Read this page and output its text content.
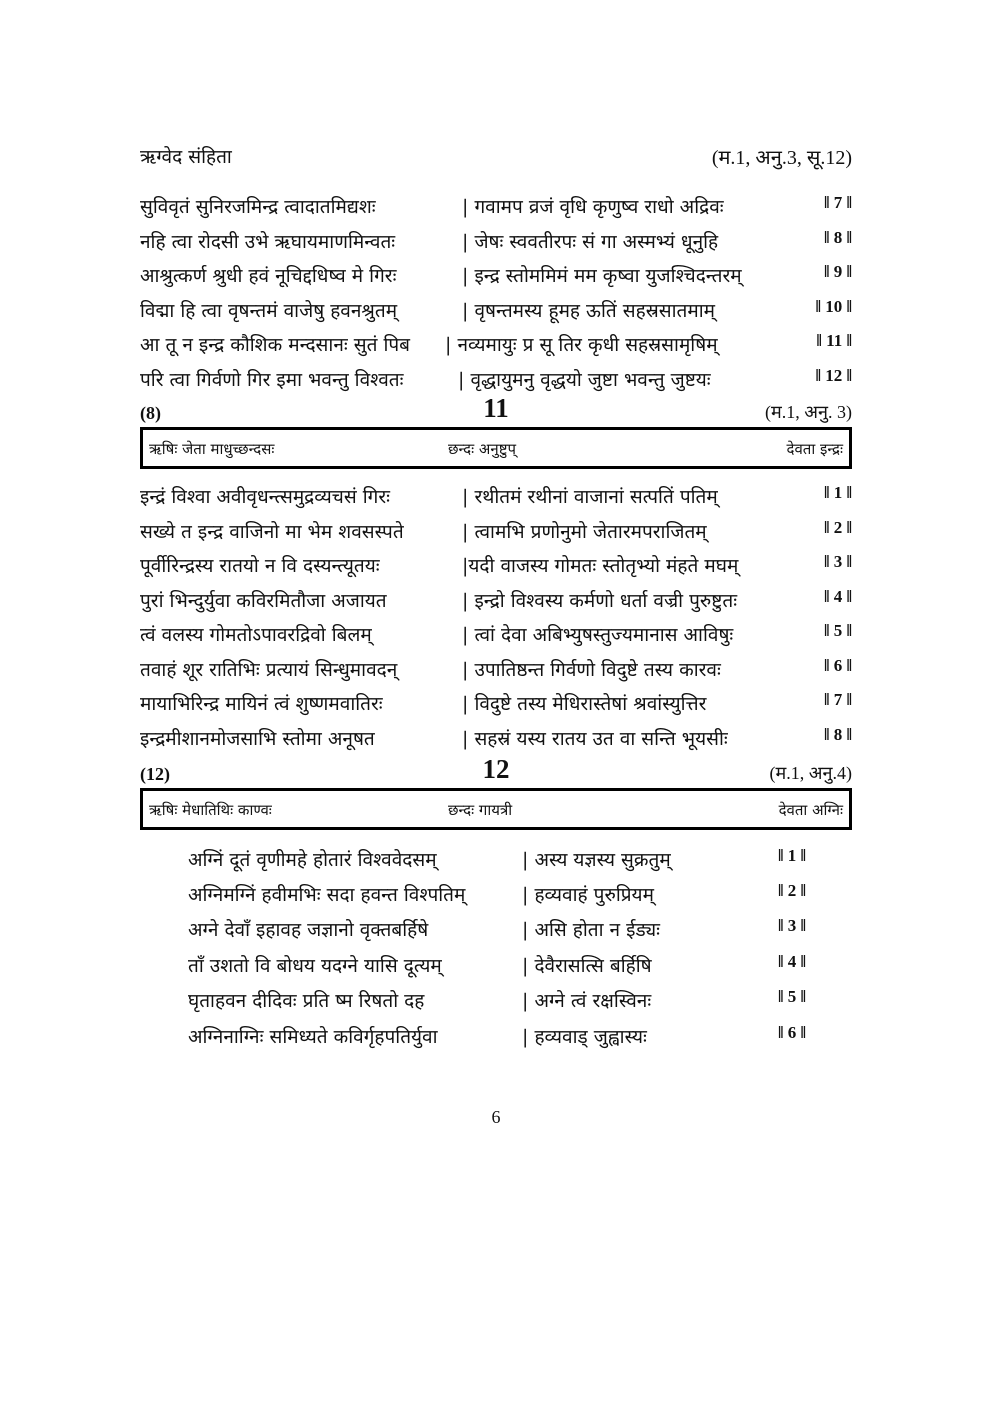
ऋग्वेद संहिता	(म.1, अनु.3, सू.12)
सुविवृतं सुनिरजमिन्द्र त्वादातमिद्यशः	| गवामप व्रजं वृधि कृणुष्व राधो अद्रिवः	‖ 7 ‖
नहि त्वा रोदसी उभे ऋघायमाणमिन्वतः	| जेषः स्ववतीरपः सं गा अस्मभ्यं धूनुहि	‖ 8 ‖
आश्रुत्कर्ण श्रुधी हवं नूचिद्दधिष्व मे गिरः	| इन्द्र स्तोममिमं मम कृष्वा युजश्चिदन्तरम्	‖ 9 ‖
विद्मा हि त्वा वृषन्तमं वाजेषु हवनश्रुतम्	| वृषन्तमस्य हूमह ऊतिं सहस्रसातमाम्	‖ 10 ‖
आ तू न इन्द्र कौशिक मन्दसानः सुतं पिब | नव्यमायुः प्र सू तिर कृधी सहस्रसामृषिम्	‖ 11 ‖
परि त्वा गिर्वणो गिर इमा भवन्तु विश्वतः	| वृद्धायुमनु वृद्धयो जुष्टा भवन्तु जुष्टयः	‖ 12 ‖
(8)	11	(म.1, अनु. 3)
ऋषिः जेता माधुच्छन्दसः	छन्दः अनुष्टुप्	देवता इन्द्रः
इन्द्रं विश्वा अवीवृधन्त्समुद्रव्यचसं गिरः	| रथीतमं रथीनां वाजानां सत्पतिं पतिम्	‖ 1 ‖
सख्ये त इन्द्र वाजिनो मा भेम शवसस्पते	| त्वामभि प्रणोनुमो जेतारमपराजितम्	‖ 2 ‖
पूर्वीरिन्द्रस्य रातयो न वि दस्यन्त्यूतयः	|यदी वाजस्य गोमतः स्तोतृभ्यो मंहते मघम्	‖ 3 ‖
पुरां भिन्दुर्युवा कविरमितौजा अजायत	| इन्द्रो विश्वस्य कर्मणो धर्ता वज्री पुरुष्टुतः	‖ 4 ‖
त्वं वलस्य गोमतोऽपावरद्रिवो बिलम्	| त्वां देवा अबिभ्युषस्तुज्यमानास आविषुः	‖ 5 ‖
तवाहं शूर रातिभिः प्रत्यायं सिन्धुमावदन्	| उपातिष्ठन्त गिर्वणो विदुष्टे तस्य कारवः	‖ 6 ‖
मायाभिरिन्द्र मायिनं त्वं शुष्णमवातिरः	| विदुष्टे तस्य मेधिरास्तेषां श्रवांस्युत्तिर	‖ 7 ‖
इन्द्रमीशानमोजसाभि स्तोमा अनूषत	| सहस्रं यस्य रातय उत वा सन्ति भूयसीः	‖ 8 ‖
(12)	12	(म.1, अनु.4)
ऋषिः मेधातिथिः काण्वः	छन्दः गायत्री	देवता अग्निः
अग्निं दूतं वृणीमहे होतारं विश्ववेदसम्	| अस्य यज्ञस्य सुक्रतुम्	‖ 1 ‖
अग्निमग्निं हवीमभिः सदा हवन्त विश्पतिम्	| हव्यवाहं पुरुप्रियम्	‖ 2 ‖
अग्ने देवाँ इहावह जज्ञानो वृक्तबर्हिषे	| असि होता न ईड्यः	‖ 3 ‖
ताँ उशतो वि बोधय यदग्ने यासि दूत्यम्	| देवैरासत्सि बर्हिषि	‖ 4 ‖
घृताहवन दीदिवः प्रति ष्म रिषतो दह	| अग्ने त्वं रक्षस्विनः	‖ 5 ‖
अग्निनाग्निः समिध्यते कविर्गृहपतिर्युवा	| हव्यवाड् जुह्वास्यः	‖ 6 ‖
6
